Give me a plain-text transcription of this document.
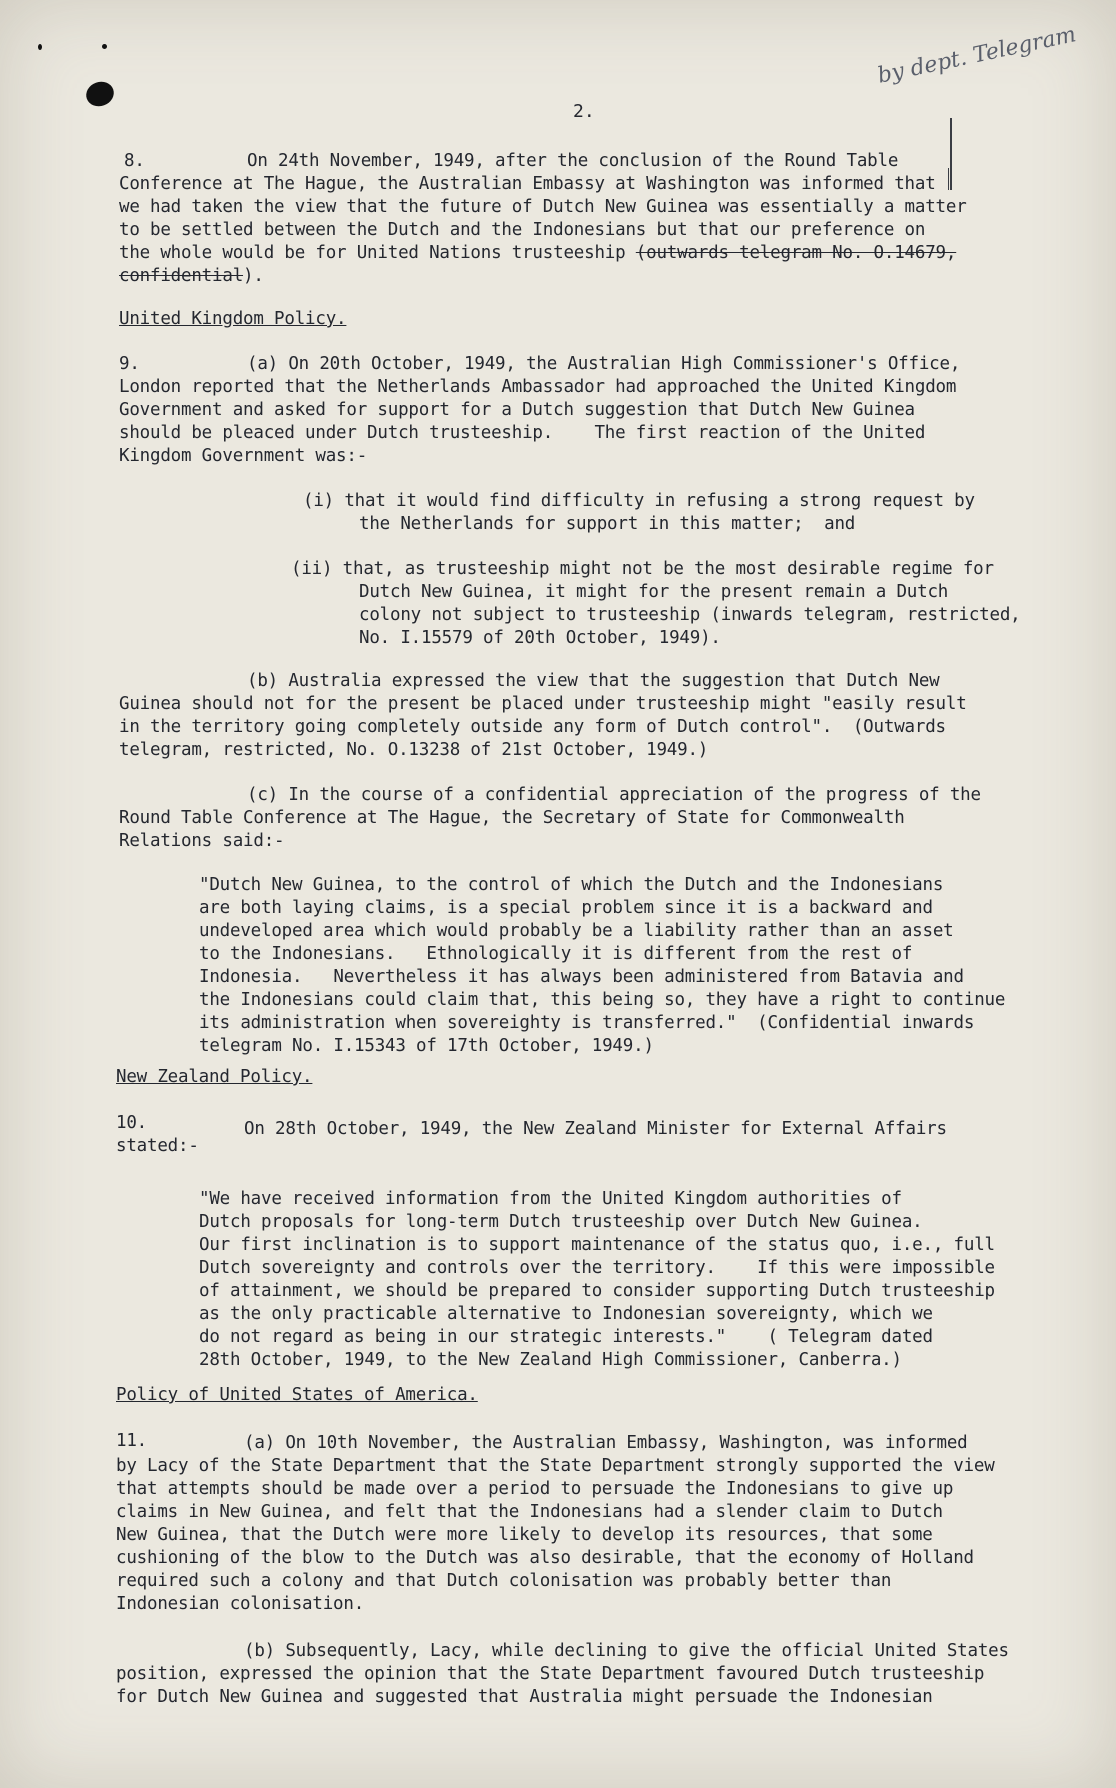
by dept. Telegram
2.
8.	On 24th November, 1949, after the conclusion of the Round Table
Conference at The Hague, the Australian Embassy at Washington was informed that
we had taken the view that the future of Dutch New Guinea was essentially a matter
to be settled between the Dutch and the Indonesians but that our preference on
the whole would be for United Nations trusteeship (outwards telegram No. O.14679,
confidential).
United Kingdom Policy.
9.	(a) On 20th October, 1949, the Australian High Commissioner's Office,
London reported that the Netherlands Ambassador had approached the United Kingdom
Government and asked for support for a Dutch suggestion that Dutch New Guinea
should be pleaced under Dutch trusteeship.    The first reaction of the United
Kingdom Government was:-
(i) that it would find difficulty in refusing a strong request by
the Netherlands for support in this matter;  and
(ii) that, as trusteeship might not be the most desirable regime for
Dutch New Guinea, it might for the present remain a Dutch
colony not subject to trusteeship (inwards telegram, restricted,
No. I.15579 of 20th October, 1949).
(b) Australia expressed the view that the suggestion that Dutch New
Guinea should not for the present be placed under trusteeship might "easily result
in the territory going completely outside any form of Dutch control".  (Outwards
telegram, restricted, No. O.13238 of 21st October, 1949.)
(c) In the course of a confidential appreciation of the progress of the
Round Table Conference at The Hague, the Secretary of State for Commonwealth
Relations said:-
"Dutch New Guinea, to the control of which the Dutch and the Indonesians
are both laying claims, is a special problem since it is a backward and
undeveloped area which would probably be a liability rather than an asset
to the Indonesians.   Ethnologically it is different from the rest of
Indonesia.   Nevertheless it has always been administered from Batavia and
the Indonesians could claim that, this being so, they have a right to continue
its administration when sovereighty is transferred."  (Confidential inwards
telegram No. I.15343 of 17th October, 1949.)
New Zealand Policy.
10.	On 28th October, 1949, the New Zealand Minister for External Affairs
stated:-
"We have received information from the United Kingdom authorities of
Dutch proposals for long-term Dutch trusteeship over Dutch New Guinea.
Our first inclination is to support maintenance of the status quo, i.e., full
Dutch sovereignty and controls over the territory.    If this were impossible
of attainment, we should be prepared to consider supporting Dutch trusteeship
as the only practicable alternative to Indonesian sovereignty, which we
do not regard as being in our strategic interests."    ( Telegram dated
28th October, 1949, to the New Zealand High Commissioner, Canberra.)
Policy of United States of America.
11.	(a) On 10th November, the Australian Embassy, Washington, was informed
by Lacy of the State Department that the State Department strongly supported the view
that attempts should be made over a period to persuade the Indonesians to give up
claims in New Guinea, and felt that the Indonesians had a slender claim to Dutch
New Guinea, that the Dutch were more likely to develop its resources, that some
cushioning of the blow to the Dutch was also desirable, that the economy of Holland
required such a colony and that Dutch colonisation was probably better than
Indonesian colonisation.
(b) Subsequently, Lacy, while declining to give the official United States
position, expressed the opinion that the State Department favoured Dutch trusteeship
for Dutch New Guinea and suggested that Australia might persuade the Indonesian
